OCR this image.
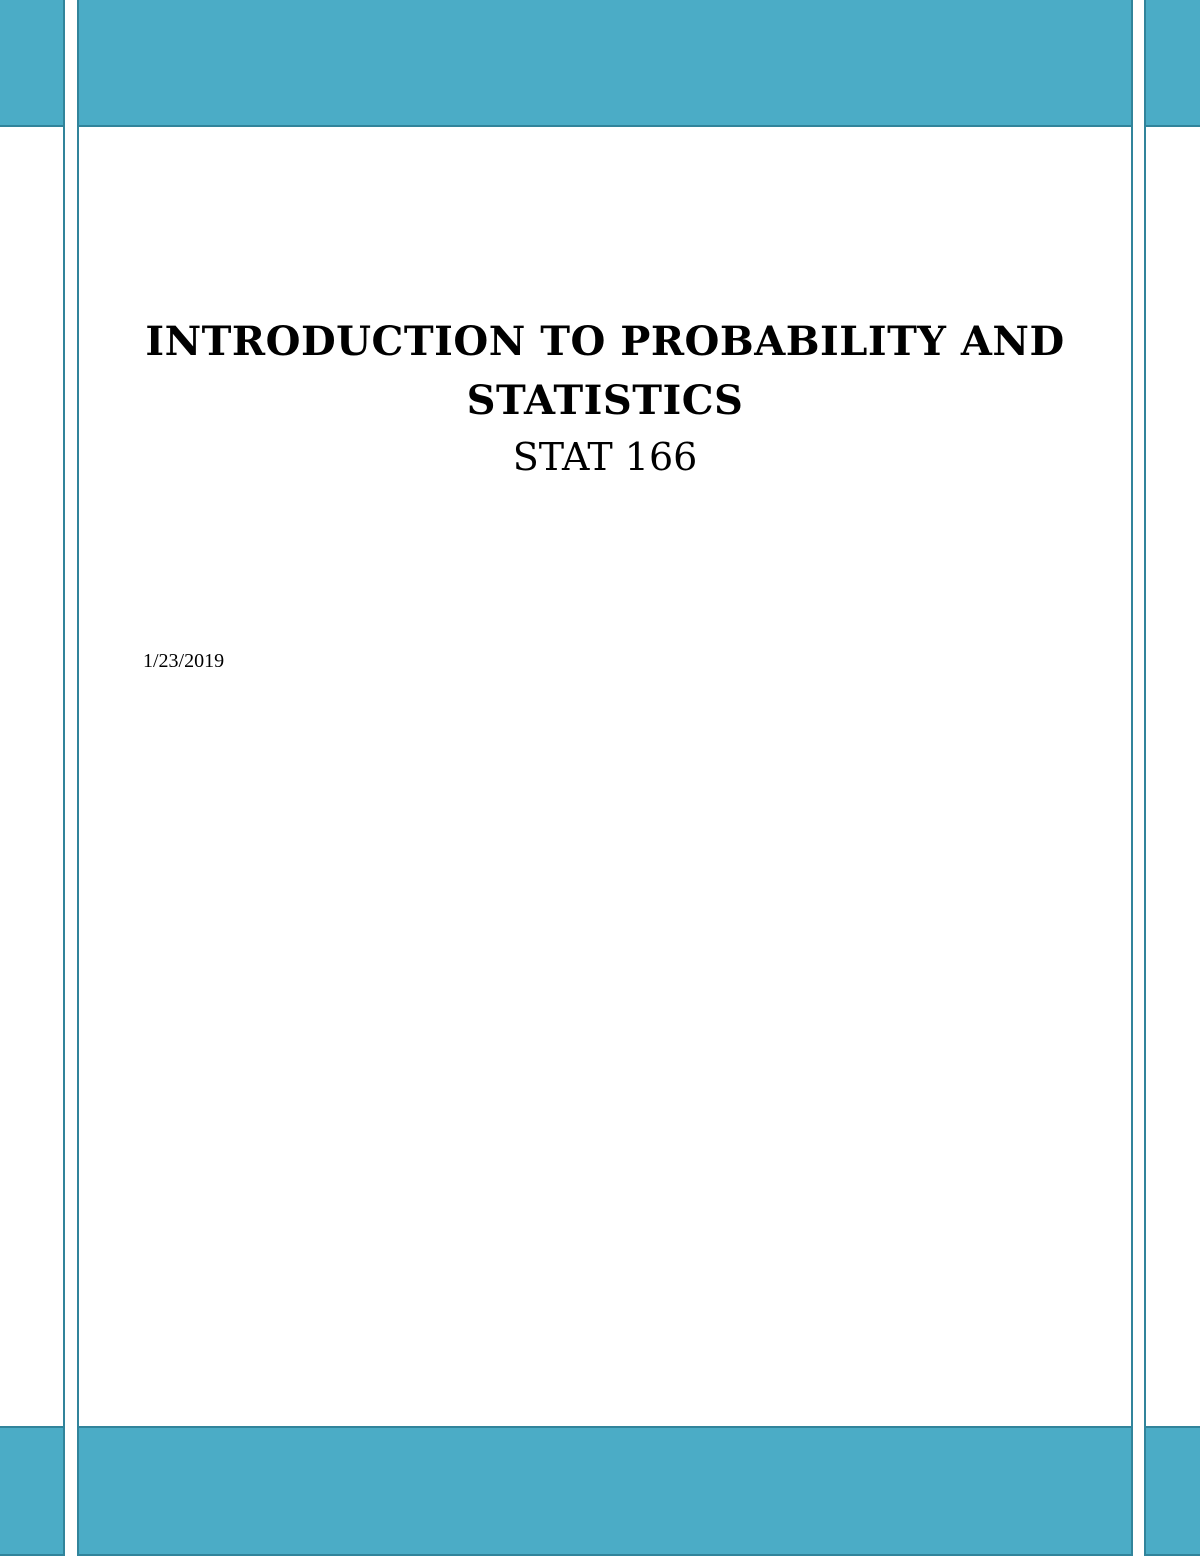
INTRODUCTION TO PROBABILITY AND STATISTICS

STAT 166

1/23/2019
